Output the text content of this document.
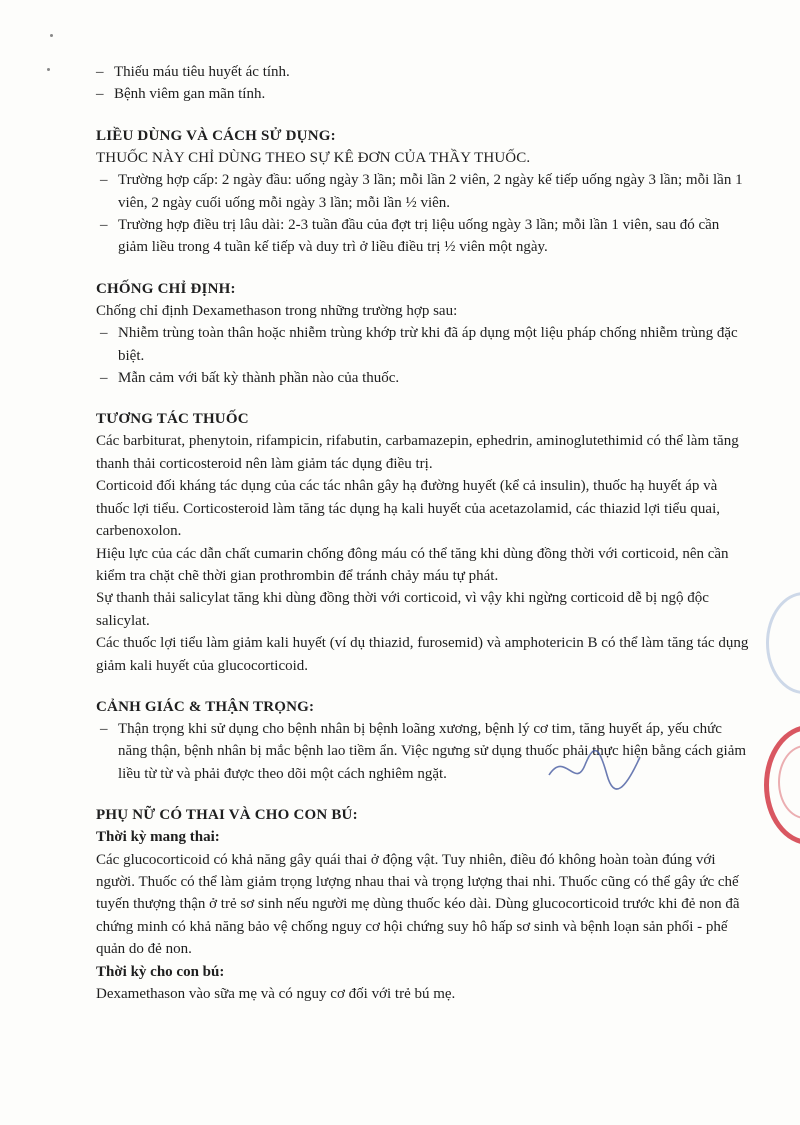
– Thiếu máu tiêu huyết ác tính.
– Bệnh viêm gan mãn tính.
LIỀU DÙNG VÀ CÁCH SỬ DỤNG:

THUỐC NÀY CHỈ DÙNG THEO SỰ KÊ ĐƠN CỦA THẦY THUỐC.

– Trường hợp cấp: 2 ngày đầu: uống ngày 3 lần; mỗi lần 2 viên, 2 ngày kế tiếp uống ngày 3 lần; mỗi lần 1 viên, 2 ngày cuối uống mỗi ngày 3 lần; mỗi lần ½ viên.
– Trường hợp điều trị lâu dài: 2-3 tuần đầu của đợt trị liệu uống ngày 3 lần; mỗi lần 1 viên, sau đó cần giảm liều trong 4 tuần kế tiếp và duy trì ở liều điều trị ½ viên một ngày.
CHỐNG CHỈ ĐỊNH:

Chống chỉ định Dexamethason trong những trường hợp sau:

– Nhiễm trùng toàn thân hoặc nhiễm trùng khớp trừ khi đã áp dụng một liệu pháp chống nhiễm trùng đặc biệt.
– Mẫn cảm với bất kỳ thành phần nào của thuốc.
TƯƠNG TÁC THUỐC

Các barbiturat, phenytoin, rifampicin, rifabutin, carbamazepin, ephedrin, aminoglutethimid có thể làm tăng thanh thải corticosteroid nên làm giảm tác dụng điều trị.

Corticoid đối kháng tác dụng của các tác nhân gây hạ đường huyết (kể cả insulin), thuốc hạ huyết áp và thuốc lợi tiểu. Corticosteroid làm tăng tác dụng hạ kali huyết của acetazolamid, các thiazid lợi tiểu quai, carbenoxolon.

Hiệu lực của các dẫn chất cumarin chống đông máu có thể tăng khi dùng đồng thời với corticoid, nên cần kiểm tra chặt chẽ thời gian prothrombin để tránh chảy máu tự phát.

Sự thanh thải salicylat tăng khi dùng đồng thời với corticoid, vì vậy khi ngừng corticoid dễ bị ngộ độc salicylat.

Các thuốc lợi tiểu làm giảm kali huyết (ví dụ thiazid, furosemid) và amphotericin B có thể làm tăng tác dụng giảm kali huyết của glucocorticoid.

CẢNH GIÁC & THẬN TRỌNG:
– Thận trọng khi sử dụng cho bệnh nhân bị bệnh loãng xương, bệnh lý cơ tim, tăng huyết áp, yếu chức năng thận, bệnh nhân bị mắc bệnh lao tiềm ẩn. Việc ngưng sử dụng thuốc phải thực hiện bằng cách giảm liều từ từ và phải được theo dõi một cách nghiêm ngặt.
PHỤ NỮ CÓ THAI VÀ CHO CON BÚ:

Thời kỳ mang thai:

Các glucocorticoid có khả năng gây quái thai ở động vật. Tuy nhiên, điều đó không hoàn toàn đúng với người. Thuốc có thể làm giảm trọng lượng nhau thai và trọng lượng thai nhi. Thuốc cũng có thể gây ức chế tuyến thượng thận ở trẻ sơ sinh nếu người mẹ dùng thuốc kéo dài. Dùng glucocorticoid trước khi đẻ non đã chứng minh có khả năng bảo vệ chống nguy cơ hội chứng suy hô hấp sơ sinh và bệnh loạn sản phổi - phế quản do đẻ non.

Thời kỳ cho con bú:

Dexamethason vào sữa mẹ và có nguy cơ đối với trẻ bú mẹ.
